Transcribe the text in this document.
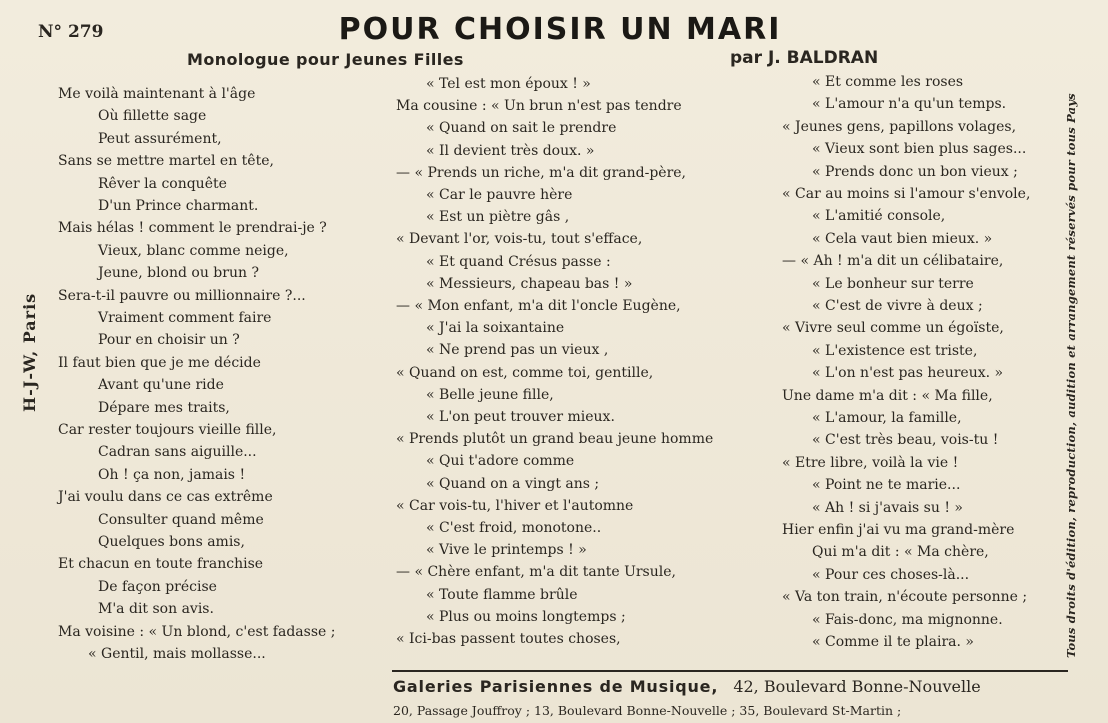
N° 279	POUR CHOISIR UN MARI
Monologue pour Jeunes Filles	par J. BALDRAN
H-J-W, Paris	Tous droits d'édition, reproduction, audition et arrangement réservés pour tous Pays
Me voilà maintenant à l'âge
Où fillette sage
Peut assurément,
Sans se mettre martel en tête,
Rêver la conquête
D'un Prince charmant.
Mais hélas ! comment le prendrai-je ?
Vieux, blanc comme neige,
Jeune, blond ou brun ?
Sera-t-il pauvre ou millionnaire ?...
Vraiment comment faire
Pour en choisir un ?
Il faut bien que je me décide
Avant qu'une ride
Dépare mes traits,
Car rester toujours vieille fille,
Cadran sans aiguille...
Oh ! ça non, jamais !
J'ai voulu dans ce cas extrême
Consulter quand même
Quelques bons amis,
Et chacun en toute franchise
De façon précise
M'a dit son avis.
Ma voisine : « Un blond, c'est fadasse ;
« Gentil, mais mollasse...
« Tel est mon époux ! »
Ma cousine : « Un brun n'est pas tendre
« Quand on sait le prendre
« Il devient très doux. »
— « Prends un riche, m'a dit grand-père,
« Car le pauvre hère
« Est un piètre gâs ,
« Devant l'or, vois-tu, tout s'efface,
« Et quand Crésus passe :
« Messieurs, chapeau bas ! »
— « Mon enfant, m'a dit l'oncle Eugène,
« J'ai la soixantaine
« Ne prend pas un vieux ,
« Quand on est, comme toi, gentille,
« Belle jeune fille,
« L'on peut trouver mieux.
« Prends plutôt un grand beau jeune homme
« Qui t'adore comme
« Quand on a vingt ans ;
« Car vois-tu, l'hiver et l'automne
« C'est froid, monotone..
« Vive le printemps ! »
— « Chère enfant, m'a dit tante Ursule,
« Toute flamme brûle
« Plus ou moins longtemps ;
« Ici-bas passent toutes choses,
« Et comme les roses
« L'amour n'a qu'un temps.
« Jeunes gens, papillons volages,
« Vieux sont bien plus sages...
« Prends donc un bon vieux ;
« Car au moins si l'amour s'envole,
« L'amitié console,
« Cela vaut bien mieux. »
— « Ah ! m'a dit un célibataire,
« Le bonheur sur terre
« C'est de vivre à deux ;
« Vivre seul comme un égoïste,
« L'existence est triste,
« L'on n'est pas heureux. »
Une dame m'a dit : « Ma fille,
« L'amour, la famille,
« C'est très beau, vois-tu !
« Etre libre, voilà la vie !
« Point ne te marie...
« Ah ! si j'avais su ! »
Hier enfin j'ai vu ma grand-mère
Qui m'a dit : « Ma chère,
« Pour ces choses-là...
« Va ton train, n'écoute personne ;
« Fais-donc, ma mignonne.
« Comme il te plaira. »
Galeries Parisiennes de Musique, 42, Boulevard Bonne-Nouvelle
20, Passage Jouffroy ; 13, Boulevard Bonne-Nouvelle ; 35, Boulevard St-Martin ;
